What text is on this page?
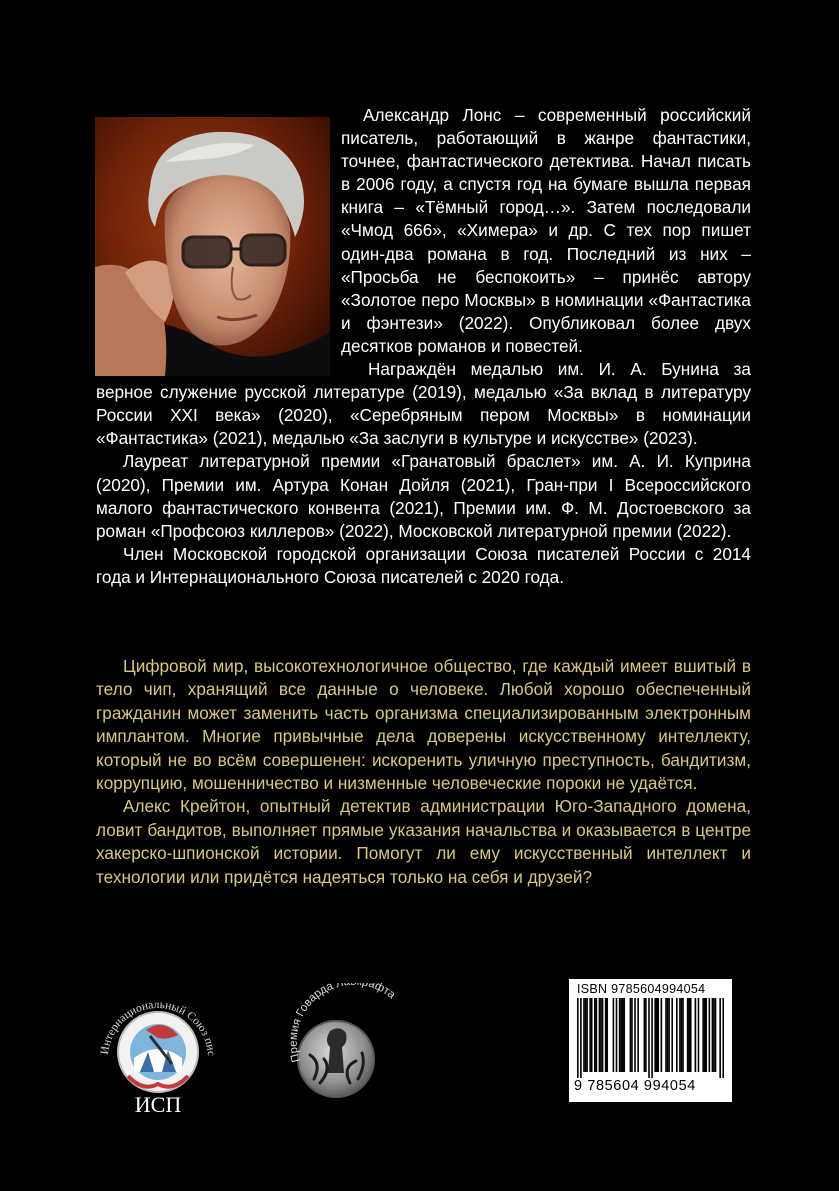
Александр Лонс – современный российский писатель, работающий в жанре фантастики, точнее, фантастического детектива. Начал писать в 2006 году, а спустя год на бумаге вышла первая книга – «Тёмный город…». Затем последовали «Чмод 666», «Химера» и др. С тех пор пишет один-два романа в год. Последний из них – «Просьба не беспокоить» – принёс автору «Золотое перо Москвы» в номинации «Фантастика и фэнтези» (2022). Опубликовал более двух десятков романов и повестей.

Награждён медалью им. И. А. Бунина за верное служение русской литературе (2019), медалью «За вклад в литературу России XXI века» (2020), «Серебряным пером Москвы» в номинации «Фантастика» (2021), медалью «За заслуги в культуре и искусстве» (2023).

Лауреат литературной премии «Гранатовый браслет» им. А. И. Куприна (2020), Премии им. Артура Конан Дойля (2021), Гран-при I Всероссийского малого фантастического конвента (2021), Премии им. Ф. М. Достоевского за роман «Профсоюз киллеров» (2022), Московской литературной премии (2022).

Член Московской городской организации Союза писателей России с 2014 года и Интернационального Союза писателей с 2020 года.

Цифровой мир, высокотехнологичное общество, где каждый имеет вшитый в тело чип, хранящий все данные о человеке. Любой хорошо обеспеченный гражданин может заменить часть организма специализированным электронным имплантом. Многие привычные дела доверены искусственному интеллекту, который не во всём совершенен: искоренить уличную преступность, бандитизм, коррупцию, мошенничество и низменные человеческие пороки не удаётся.

Алекс Крейтон, опытный детектив администрации Юго-Западного домена, ловит бандитов, выполняет прямые указания начальства и оказывается в центре хакерско-шпионской истории. Помогут ли ему искусственный интеллект и технологии или придётся надеяться только на себя и друзей?

Интернациональный Союз пис
ИСП
Премия Говарда Л афта	ISBN 9785604994054
9 785604 994054
